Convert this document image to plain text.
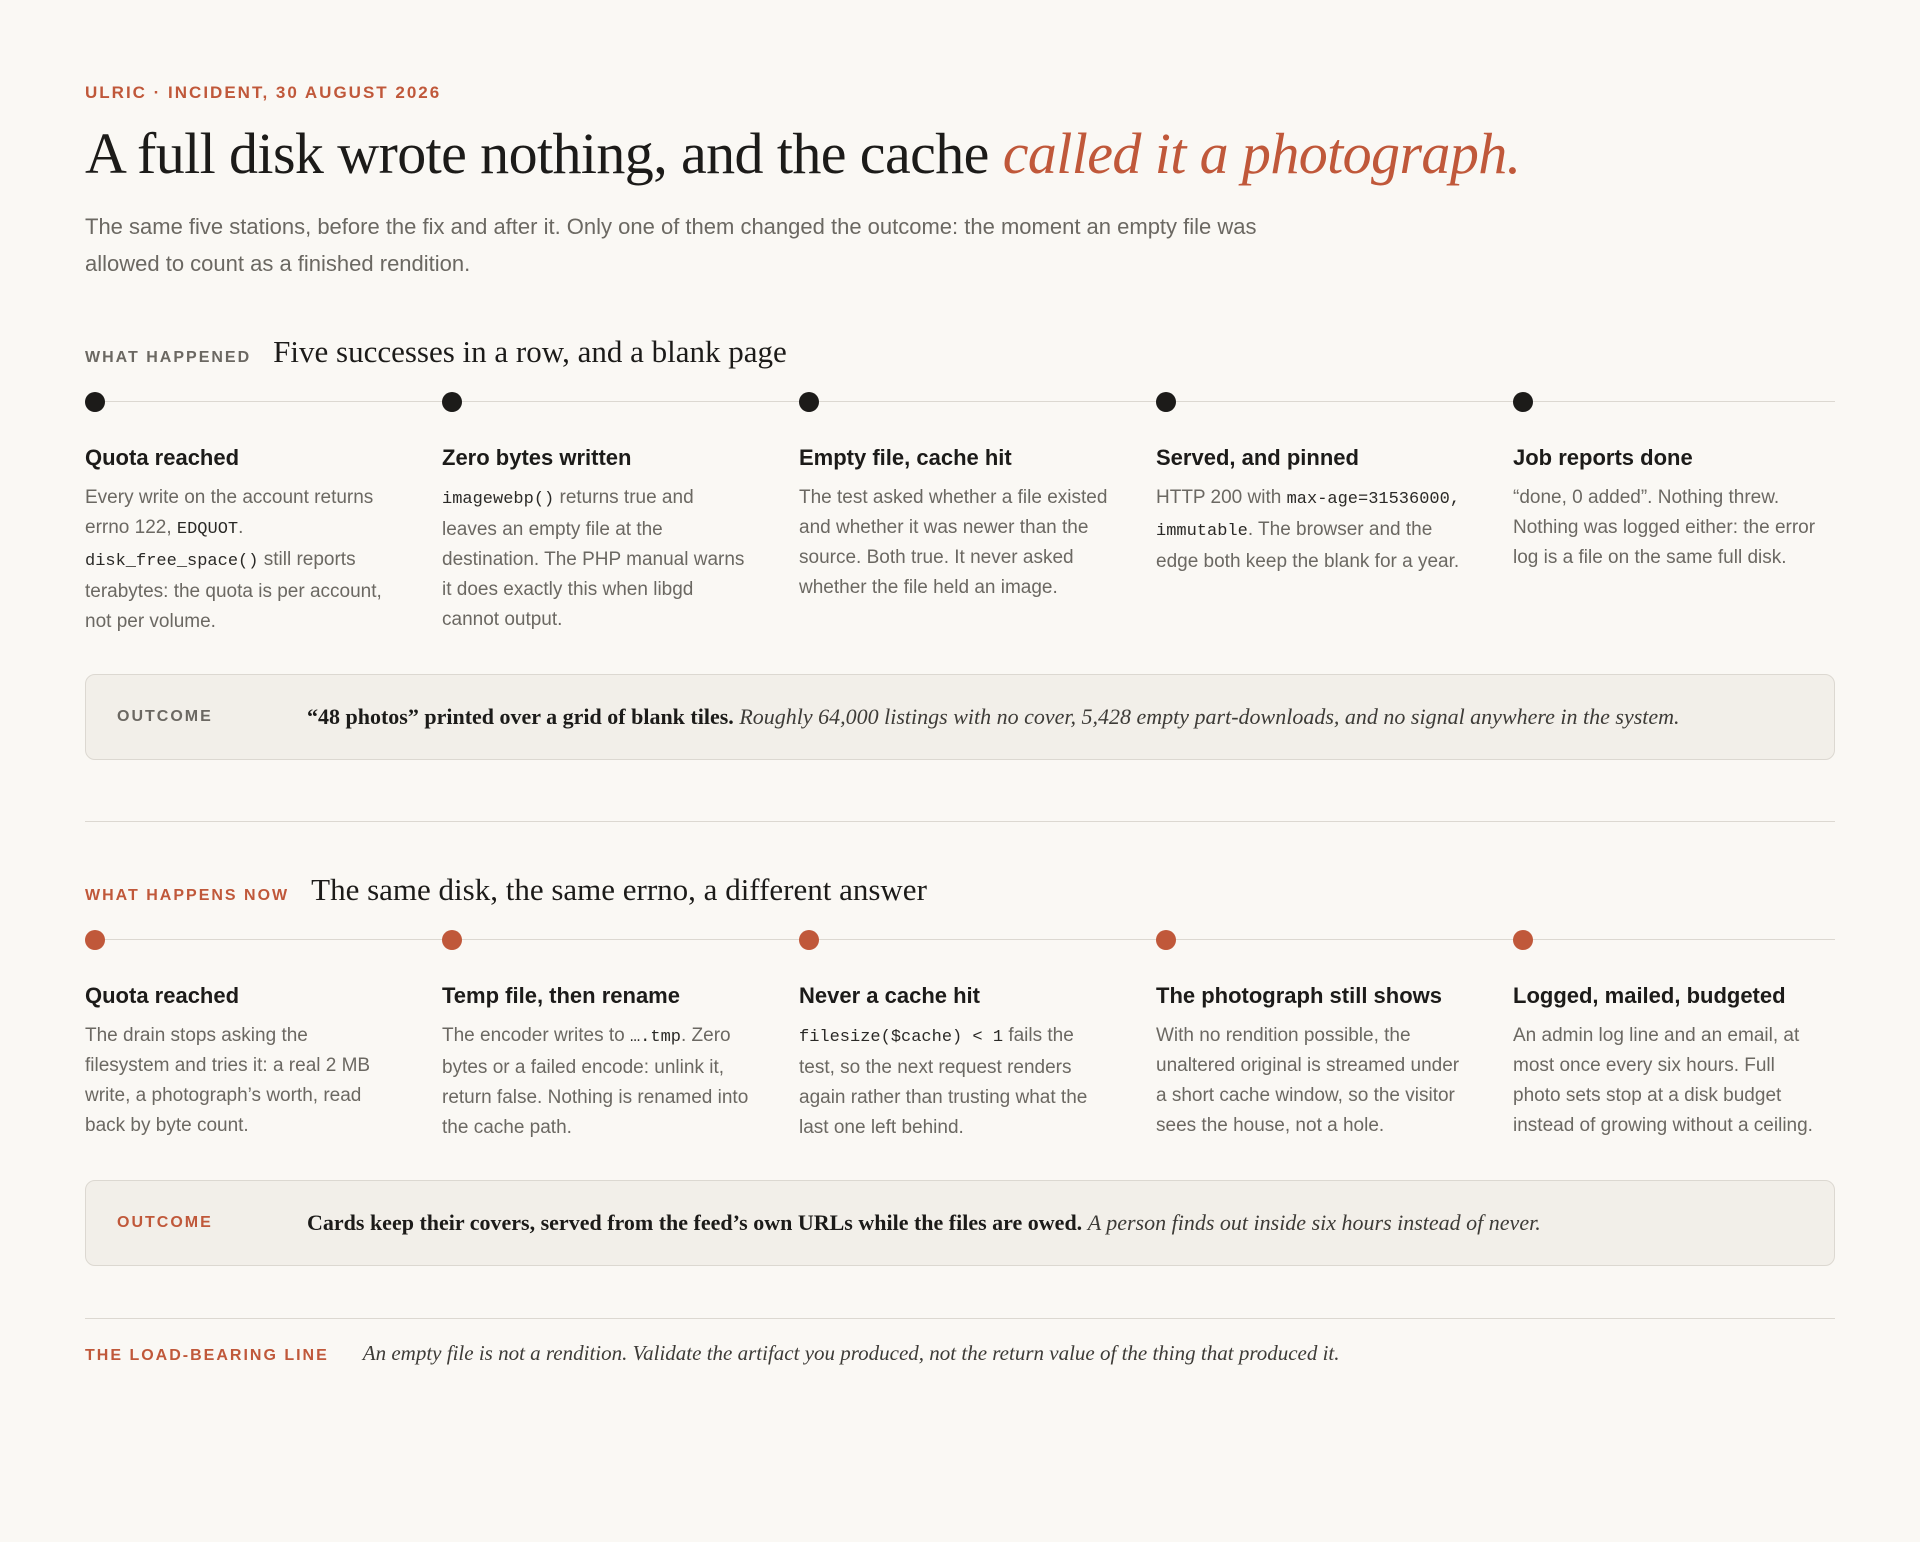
ULRIC · INCIDENT, 30 AUGUST 2026
A full disk wrote nothing, and the cache called it a photograph.
The same five stations, before the fix and after it. Only one of them changed the outcome: the moment an empty file was allowed to count as a finished rendition.
WHAT HAPPENED Five successes in a row, and a blank page
Quota reached
Every write on the account returns errno 122, EDQUOT. disk_free_space() still reports terabytes: the quota is per account, not per volume.
Zero bytes written
imagewebp() returns true and leaves an empty file at the destination. The PHP manual warns it does exactly this when libgd cannot output.
Empty file, cache hit
The test asked whether a file existed and whether it was newer than the source. Both true. It never asked whether the file held an image.
Served, and pinned
HTTP 200 with max-age=31536000, immutable. The browser and the edge both keep the blank for a year.
Job reports done
“done, 0 added”. Nothing threw. Nothing was logged either: the error log is a file on the same full disk.
OUTCOME	“48 photos” printed over a grid of blank tiles. Roughly 64,000 listings with no cover, 5,428 empty part-downloads, and no signal anywhere in the system.
WHAT HAPPENS NOW The same disk, the same errno, a different answer
Quota reached
The drain stops asking the filesystem and tries it: a real 2 MB write, a photograph’s worth, read back by byte count.
Temp file, then rename
The encoder writes to ….tmp. Zero bytes or a failed encode: unlink it, return false. Nothing is renamed into the cache path.
Never a cache hit
filesize($cache) < 1 fails the test, so the next request renders again rather than trusting what the last one left behind.
The photograph still shows
With no rendition possible, the unaltered original is streamed under a short cache window, so the visitor sees the house, not a hole.
Logged, mailed, budgeted
An admin log line and an email, at most once every six hours. Full photo sets stop at a disk budget instead of growing without a ceiling.
OUTCOME	Cards keep their covers, served from the feed’s own URLs while the files are owed. A person finds out inside six hours instead of never.
THE LOAD-BEARING LINE An empty file is not a rendition. Validate the artifact you produced, not the return value of the thing that produced it.
